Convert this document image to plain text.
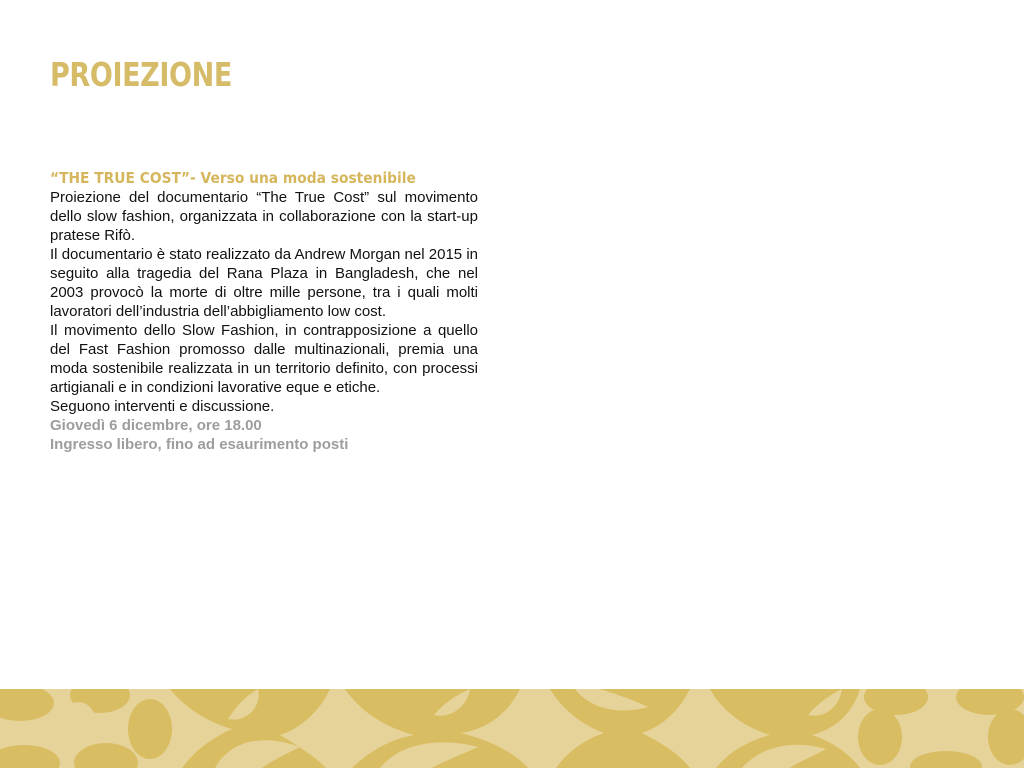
PROIEZIONE
“THE TRUE COST”- Verso una moda sostenibile

Proiezione del documentario “The True Cost” sul movimento dello slow fashion, organizzata in collaborazione con la start-up pratese Rifò.

Il documentario è stato realizzato da Andrew Morgan nel 2015 in seguito alla tragedia del Rana Plaza in Bangladesh, che nel 2003 provocò la morte di oltre mille persone, tra i quali molti lavoratori dell’industria dell’abbigliamento low cost.

Il movimento dello Slow Fashion, in contrapposizione a quello del Fast Fashion promosso dalle multinazionali, premia una moda sostenibile realizzata in un territorio definito, con processi artigianali e in condizioni lavorative eque e etiche.

Seguono interventi e discussione.

Giovedì 6 dicembre, ore 18.00

Ingresso libero, fino ad esaurimento posti
